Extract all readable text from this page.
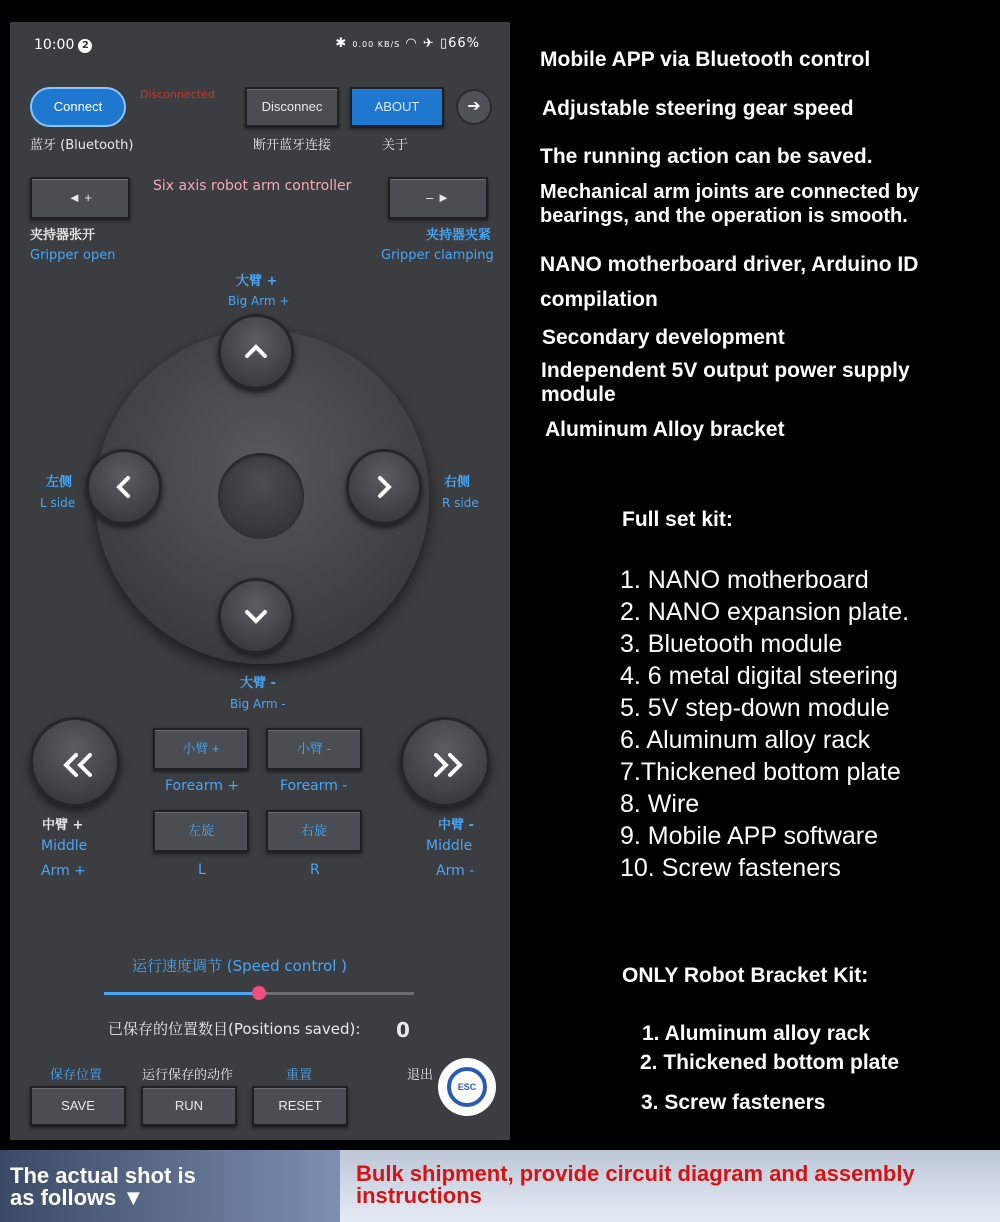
10:00 2	✱ 0.00 KB/S ◠ ✈ ▯66%
Connect
Disconnected
Disconnec	ABOUT	➔
蓝牙 (Bluetooth)	断开蓝牙连接	关于
◄ +
Six axis robot arm controller
– ►
夹持器张开
Gripper open
夹持器夹紧
Gripper clamping
大臂 +
Big Arm +
左侧
L side
右侧
R side
大臂 -
Big Arm -
小臂 +	小臂 -
Forearm +	Forearm -
左旋	右旋
L	R
中臂 +
Middle
Arm +
中臂 -
Middle
Arm -
运行速度调节 (Speed control )
已保存的位置数目(Positions saved): 0
保存位置	运行保存的动作	重置	退出
SAVE	RUN	RESET
ESC
Mobile APP via Bluetooth control
Adjustable steering gear speed
The running action can be saved.
Mechanical arm joints are connected by
bearings, and the operation is smooth.
NANO motherboard driver, Arduino ID
compilation
Secondary development
Independent 5V output power supply
module
Aluminum Alloy bracket
Full set kit:
1. NANO motherboard
2. NANO expansion plate.
3. Bluetooth module
4. 6 metal digital steering
5. 5V step-down module
6. Aluminum alloy rack
7.Thickened bottom plate
8. Wire
9. Mobile APP software
10. Screw fasteners
ONLY Robot Bracket Kit:
1. Aluminum alloy rack
2. Thickened bottom plate
3. Screw fasteners
The actual shot is
as follows ▼
Bulk shipment, provide circuit diagram and assembly
instructions
